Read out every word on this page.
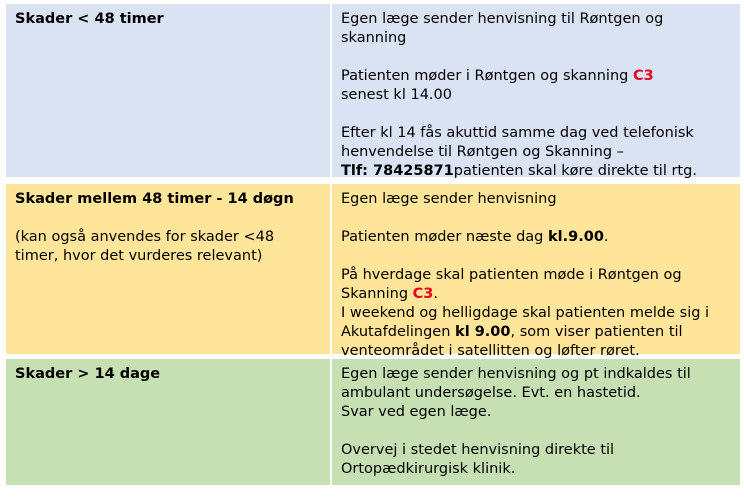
Skader < 48 timer	Egen læge sender henvisning til Røntgen og skanning

Patienten møder i Røntgen og skanning C3
senest kl 14.00

Efter kl 14 fås akuttid samme dag ved telefonisk henvendelse til Røntgen og Skanning –
Tlf: 78425871patienten skal køre direkte til rtg.

Skader mellem 48 timer - 14 døgn
(kan også anvendes for skader <48 timer, hvor det vurderes relevant)

Egen læge sender henvisning

Patienten møder næste dag kl.9.00.

På hverdage skal patienten møde i Røntgen og Skanning C3.
I weekend og helligdage skal patienten melde sig i Akutafdelingen kl 9.00, som viser patienten til venteområdet i satellitten og løfter røret.

Skader > 14 dage	Egen læge sender henvisning og pt indkaldes til ambulant undersøgelse. Evt. en hastetid.
Svar ved egen læge.

Overvej i stedet henvisning direkte til Ortopædkirurgisk klinik.
